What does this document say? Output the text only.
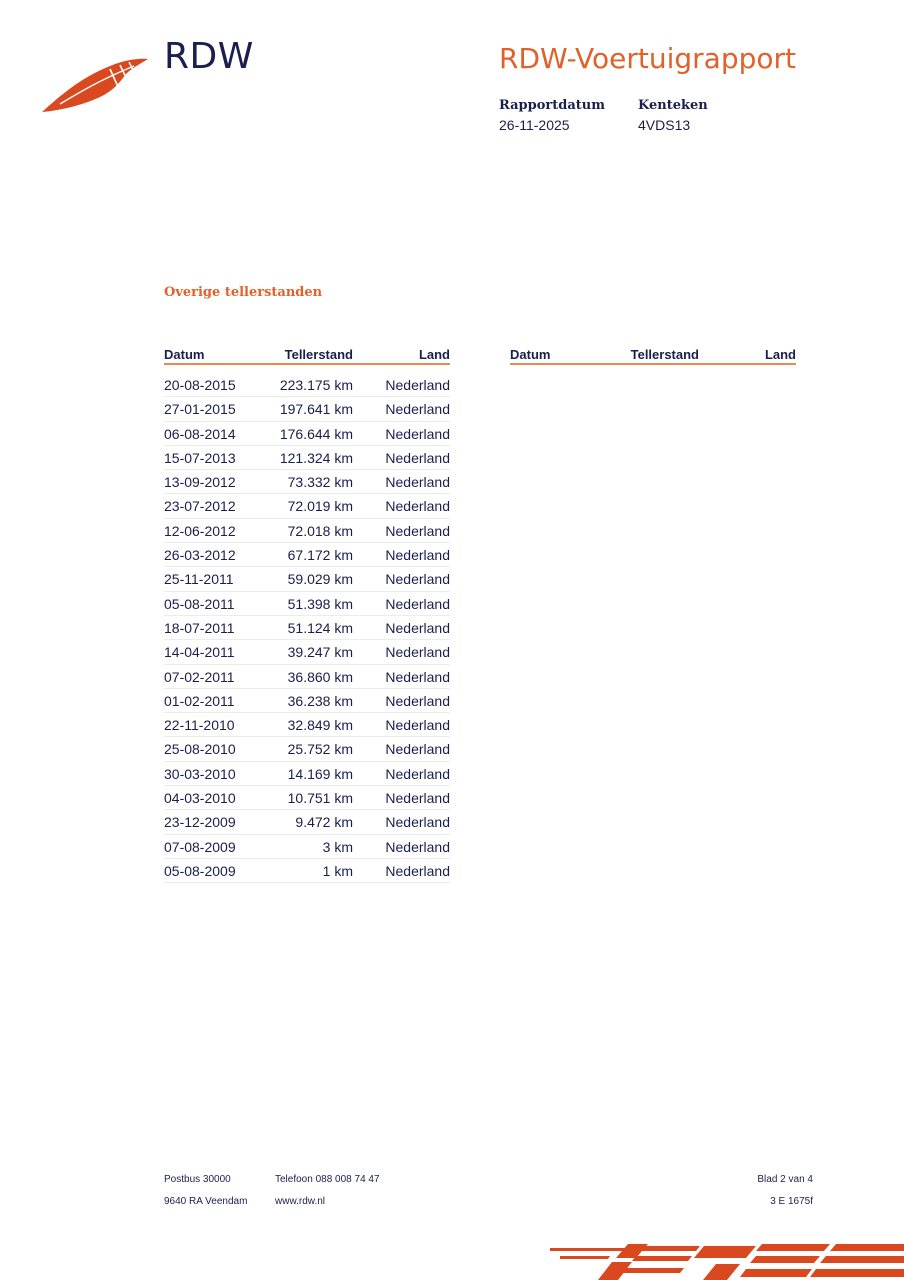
RDW	RDW-Voertuigrapport
Rapportdatum
26-11-2025
Kenteken
4VDS13
Overige tellerstanden
Datum	Tellerstand	Land
20-08-2015	223.175 km	Nederland
27-01-2015	197.641 km	Nederland
06-08-2014	176.644 km	Nederland
15-07-2013	121.324 km	Nederland
13-09-2012	73.332 km	Nederland
23-07-2012	72.019 km	Nederland
12-06-2012	72.018 km	Nederland
26-03-2012	67.172 km	Nederland
25-11-2011	59.029 km	Nederland
05-08-2011	51.398 km	Nederland
18-07-2011	51.124 km	Nederland
14-04-2011	39.247 km	Nederland
07-02-2011	36.860 km	Nederland
01-02-2011	36.238 km	Nederland
22-11-2010	32.849 km	Nederland
25-08-2010	25.752 km	Nederland
30-03-2010	14.169 km	Nederland
04-03-2010	10.751 km	Nederland
23-12-2009	9.472 km	Nederland
07-08-2009	3 km	Nederland
05-08-2009	1 km	Nederland
Datum	Tellerstand	Land
Postbus 30000
9640 RA Veendam
Telefoon 088 008 74 47
www.rdw.nl
Blad 2 van 4
3 E 1675f
